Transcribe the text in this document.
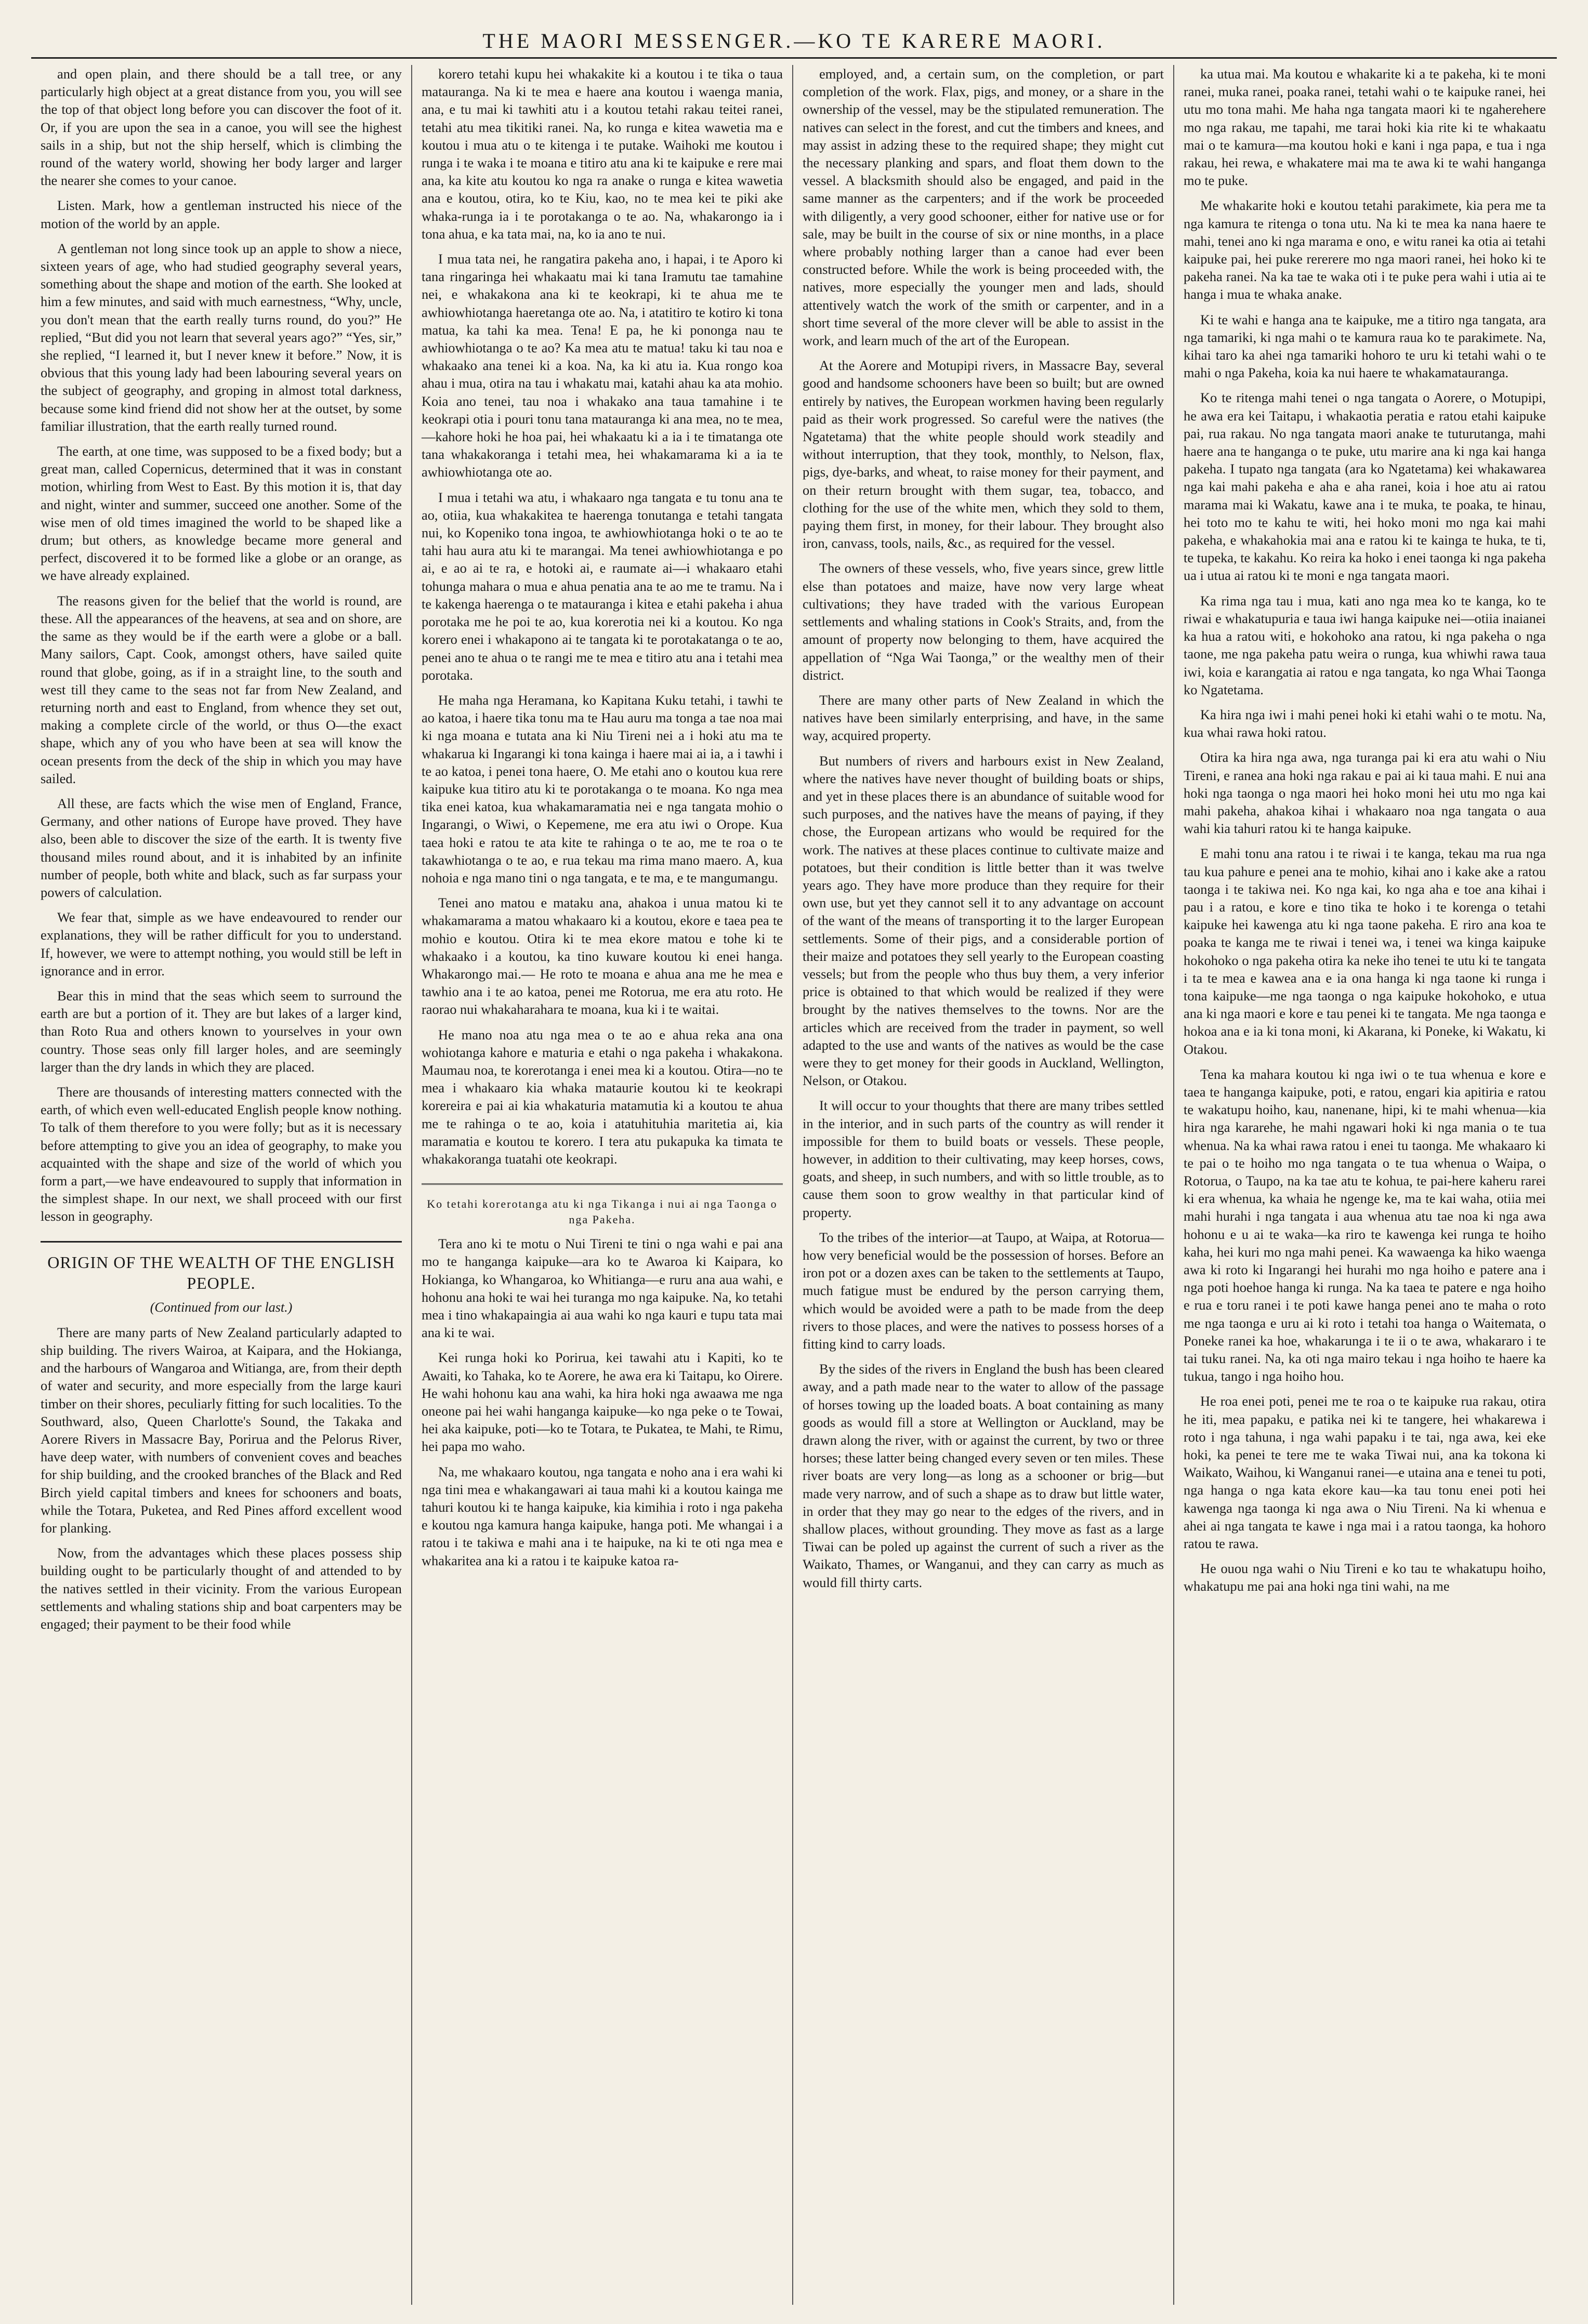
THE MAORI MESSENGER.—KO TE KARERE MAORI.

and open plain, and there should be a tall tree, or any particularly high object at a great distance from you, you will see the top of that object long before you can discover the foot of it. Or, if you are upon the sea in a canoe, you will see the highest sails in a ship, but not the ship herself, which is climbing the round of the watery world, showing her body larger and larger the nearer she comes to your canoe.

Listen. Mark, how a gentleman instructed his niece of the motion of the world by an apple.

A gentleman not long since took up an apple to show a niece, sixteen years of age, who had studied geography several years, something about the shape and motion of the earth. She looked at him a few minutes, and said with much earnestness, “Why, uncle, you don't mean that the earth really turns round, do you?” He replied, “But did you not learn that several years ago?” “Yes, sir,” she replied, “I learned it, but I never knew it before.” Now, it is obvious that this young lady had been labouring several years on the subject of geography, and groping in almost total darkness, because some kind friend did not show her at the outset, by some familiar illustration, that the earth really turned round.

The earth, at one time, was supposed to be a fixed body; but a great man, called Copernicus, determined that it was in constant motion, whirling from West to East. By this motion it is, that day and night, winter and summer, succeed one another. Some of the wise men of old times imagined the world to be shaped like a drum; but others, as knowledge became more general and perfect, discovered it to be formed like a globe or an orange, as we have already explained.

The reasons given for the belief that the world is round, are these. All the appearances of the heavens, at sea and on shore, are the same as they would be if the earth were a globe or a ball. Many sailors, Capt. Cook, amongst others, have sailed quite round that globe, going, as if in a straight line, to the south and west till they came to the seas not far from New Zealand, and returning north and east to England, from whence they set out, making a complete circle of the world, or thus O—the exact shape, which any of you who have been at sea will know the ocean presents from the deck of the ship in which you may have sailed.

All these, are facts which the wise men of England, France, Germany, and other nations of Europe have proved. They have also, been able to discover the size of the earth. It is twenty five thousand miles round about, and it is inhabited by an infinite number of people, both white and black, such as far surpass your powers of calculation.

We fear that, simple as we have endeavoured to render our explanations, they will be rather difficult for you to understand. If, however, we were to attempt nothing, you would still be left in ignorance and in error.

Bear this in mind that the seas which seem to surround the earth are but a portion of it. They are but lakes of a larger kind, than Roto Rua and others known to yourselves in your own country. Those seas only fill larger holes, and are seemingly larger than the dry lands in which they are placed.

There are thousands of interesting matters connected with the earth, of which even well-educated English people know nothing. To talk of them therefore to you were folly; but as it is necessary before attempting to give you an idea of geography, to make you acquainted with the shape and size of the world of which you form a part,—we have endeavoured to supply that information in the simplest shape. In our next, we shall proceed with our first lesson in geography.

ORIGIN OF THE WEALTH OF THE ENGLISH PEOPLE.
(Continued from our last.)

There are many parts of New Zealand particularly adapted to ship building. The rivers Wairoa, at Kaipara, and the Hokianga, and the harbours of Wangaroa and Witianga, are, from their depth of water and security, and more especially from the large kauri timber on their shores, peculiarly fitting for such localities. To the Southward, also, Queen Charlotte's Sound, the Takaka and Aorere Rivers in Massacre Bay, Porirua and the Pelorus River, have deep water, with numbers of convenient coves and beaches for ship building, and the crooked branches of the Black and Red Birch yield capital timbers and knees for schooners and boats, while the Totara, Puketea, and Red Pines afford excellent wood for planking.

Now, from the advantages which these places possess ship building ought to be particularly thought of and attended to by the natives settled in their vicinity. From the various European settlements and whaling stations ship and boat carpenters may be engaged; their payment to be their food while

korero tetahi kupu hei whakakite ki a koutou i te tika o taua matauranga. Na ki te mea e haere ana koutou i waenga mania, ana, e tu mai ki tawhiti atu i a koutou tetahi rakau teitei ranei, tetahi atu mea tikitiki ranei. Na, ko runga e kitea wawetia ma e koutou i mua atu o te kitenga i te putake. Waihoki me koutou i runga i te waka i te moana e titiro atu ana ki te kaipuke e rere mai ana, ka kite atu koutou ko nga ra anake o runga e kitea wawetia ana e koutou, otira, ko te Kiu, kao, no te mea kei te piki ake whaka-runga ia i te porotakanga o te ao. Na, whakarongo ia i tona ahua, e ka tata mai, na, ko ia ano te nui.

I mua tata nei, he rangatira pakeha ano, i hapai, i te Aporo ki tana ringaringa hei whakaatu mai ki tana Iramutu tae tamahine nei, e whakakona ana ki te keokrapi, ki te ahua me te awhiowhiotanga haeretanga ote ao. Na, i atatitiro te kotiro ki tona matua, ka tahi ka mea. Tena! E pa, he ki pononga nau te awhiowhiotanga o te ao? Ka mea atu te matua! taku ki tau noa e whakaako ana tenei ki a koa. Na, ka ki atu ia. Kua rongo koa ahau i mua, otira na tau i whakatu mai, katahi ahau ka ata mohio. Koia ano tenei, tau noa i whakako ana taua tamahine i te keokrapi otia i pouri tonu tana matauranga ki ana mea, no te mea,—kahore hoki he hoa pai, hei whakaatu ki a ia i te timatanga ote tana whakakoranga i tetahi mea, hei whakamarama ki a ia te awhiowhiotanga ote ao.

I mua i tetahi wa atu, i whakaaro nga tangata e tu tonu ana te ao, otiia, kua whakakitea te haerenga tonutanga e tetahi tangata nui, ko Kopeniko tona ingoa, te awhiowhiotanga hoki o te ao te tahi hau aura atu ki te marangai. Ma tenei awhiowhiotanga e po ai, e ao ai te ra, e hotoki ai, e raumate ai—i whakaaro etahi tohunga mahara o mua e ahua penatia ana te ao me te tramu. Na i te kakenga haerenga o te matauranga i kitea e etahi pakeha i ahua porotaka me he poi te ao, kua korerotia nei ki a koutou. Ko nga korero enei i whakapono ai te tangata ki te porotakatanga o te ao, penei ano te ahua o te rangi me te mea e titiro atu ana i tetahi mea porotaka.

He maha nga Heramana, ko Kapitana Kuku tetahi, i tawhi te ao katoa, i haere tika tonu ma te Hau auru ma tonga a tae noa mai ki nga moana e tutata ana ki Niu Tireni nei a i hoki atu ma te whakarua ki Ingarangi ki tona kainga i haere mai ai ia, a i tawhi i te ao katoa, i penei tona haere, O. Me etahi ano o koutou kua rere kaipuke kua titiro atu ki te porotakanga o te moana. Ko nga mea tika enei katoa, kua whakamaramatia nei e nga tangata mohio o Ingarangi, o Wiwi, o Kepemene, me era atu iwi o Orope. Kua taea hoki e ratou te ata kite te rahinga o te ao, me te roa o te takawhiotanga o te ao, e rua tekau ma rima mano maero. A, kua nohoia e nga mano tini o nga tangata, e te ma, e te mangumangu.

Tenei ano matou e mataku ana, ahakoa i unua matou ki te whakamarama a matou whakaaro ki a koutou, ekore e taea pea te mohio e koutou. Otira ki te mea ekore matou e tohe ki te whakaako i a koutou, ka tino kuware koutou ki enei hanga. Whakarongo mai.— He roto te moana e ahua ana me he mea e tawhio ana i te ao katoa, penei me Rotorua, me era atu roto. He raorao nui whakaharahara te moana, kua ki i te waitai.

He mano noa atu nga mea o te ao e ahua reka ana ona wohiotanga kahore e maturia e etahi o nga pakeha i whakakona. Maumau noa, te korerotanga i enei mea ki a koutou. Otira—no te mea i whakaaro kia whaka mataurie koutou ki te keokrapi korereira e pai ai kia whakaturia matamutia ki a koutou te ahua me te rahinga o te ao, koia i atatuhituhia maritetia ai, kia maramatia e koutou te korero. I tera atu pukapuka ka timata te whakakoranga tuatahi ote keokrapi.

Ko tetahi korerotanga atu ki nga Tikanga i nui ai nga Taonga o nga Pakeha.

Tera ano ki te motu o Nui Tireni te tini o nga wahi e pai ana mo te hanganga kaipuke—ara ko te Awaroa ki Kaipara, ko Hokianga, ko Whangaroa, ko Whitianga—e ruru ana aua wahi, e hohonu ana hoki te wai hei turanga mo nga kaipuke. Na, ko tetahi mea i tino whakapaingia ai aua wahi ko nga kauri e tupu tata mai ana ki te wai.

Kei runga hoki ko Porirua, kei tawahi atu i Kapiti, ko te Awaiti, ko Tahaka, ko te Aorere, he awa era ki Taitapu, ko Oirere. He wahi hohonu kau ana wahi, ka hira hoki nga awaawa me nga oneone pai hei wahi hanganga kaipuke—ko nga peke o te Towai, hei aka kaipuke, poti—ko te Totara, te Pukatea, te Mahi, te Rimu, hei papa mo waho.

Na, me whakaaro koutou, nga tangata e noho ana i era wahi ki nga tini mea e whakangawari ai taua mahi ki a koutou kainga me tahuri koutou ki te hanga kaipuke, kia kimihia i roto i nga pakeha e koutou nga kamura hanga kaipuke, hanga poti. Me whangai i a ratou i te takiwa e mahi ana i te haipuke, na ki te oti nga mea e whakaritea ana ki a ratou i te kaipuke katoa ra-

employed, and, a certain sum, on the completion, or part completion of the work. Flax, pigs, and money, or a share in the ownership of the vessel, may be the stipulated remuneration. The natives can select in the forest, and cut the timbers and knees, and may assist in adzing these to the required shape; they might cut the necessary planking and spars, and float them down to the vessel. A blacksmith should also be engaged, and paid in the same manner as the carpenters; and if the work be proceeded with diligently, a very good schooner, either for native use or for sale, may be built in the course of six or nine months, in a place where probably nothing larger than a canoe had ever been constructed before. While the work is being proceeded with, the natives, more especially the younger men and lads, should attentively watch the work of the smith or carpenter, and in a short time several of the more clever will be able to assist in the work, and learn much of the art of the European.

At the Aorere and Motupipi rivers, in Massacre Bay, several good and handsome schooners have been so built; but are owned entirely by natives, the European workmen having been regularly paid as their work progressed. So careful were the natives (the Ngatetama) that the white people should work steadily and without interruption, that they took, monthly, to Nelson, flax, pigs, dye-barks, and wheat, to raise money for their payment, and on their return brought with them sugar, tea, tobacco, and clothing for the use of the white men, which they sold to them, paying them first, in money, for their labour. They brought also iron, canvass, tools, nails, &c., as required for the vessel.

The owners of these vessels, who, five years since, grew little else than potatoes and maize, have now very large wheat cultivations; they have traded with the various European settlements and whaling stations in Cook's Straits, and, from the amount of property now belonging to them, have acquired the appellation of “Nga Wai Taonga,” or the wealthy men of their district.

There are many other parts of New Zealand in which the natives have been similarly enterprising, and have, in the same way, acquired property.

But numbers of rivers and harbours exist in New Zealand, where the natives have never thought of building boats or ships, and yet in these places there is an abundance of suitable wood for such purposes, and the natives have the means of paying, if they chose, the European artizans who would be required for the work. The natives at these places continue to cultivate maize and potatoes, but their condition is little better than it was twelve years ago. They have more produce than they require for their own use, but yet they cannot sell it to any advantage on account of the want of the means of transporting it to the larger European settlements. Some of their pigs, and a considerable portion of their maize and potatoes they sell yearly to the European coasting vessels; but from the people who thus buy them, a very inferior price is obtained to that which would be realized if they were brought by the natives themselves to the towns. Nor are the articles which are received from the trader in payment, so well adapted to the use and wants of the natives as would be the case were they to get money for their goods in Auckland, Wellington, Nelson, or Otakou.

It will occur to your thoughts that there are many tribes settled in the interior, and in such parts of the country as will render it impossible for them to build boats or vessels. These people, however, in addition to their cultivating, may keep horses, cows, goats, and sheep, in such numbers, and with so little trouble, as to cause them soon to grow wealthy in that particular kind of property.

To the tribes of the interior—at Taupo, at Waipa, at Rotorua—how very beneficial would be the possession of horses. Before an iron pot or a dozen axes can be taken to the settlements at Taupo, much fatigue must be endured by the person carrying them, which would be avoided were a path to be made from the deep rivers to those places, and were the natives to possess horses of a fitting kind to carry loads.

By the sides of the rivers in England the bush has been cleared away, and a path made near to the water to allow of the passage of horses towing up the loaded boats. A boat containing as many goods as would fill a store at Wellington or Auckland, may be drawn along the river, with or against the current, by two or three horses; these latter being changed every seven or ten miles. These river boats are very long—as long as a schooner or brig—but made very narrow, and of such a shape as to draw but little water, in order that they may go near to the edges of the rivers, and in shallow places, without grounding. They move as fast as a large Tiwai can be poled up against the current of such a river as the Waikato, Thames, or Wanganui, and they can carry as much as would fill thirty carts.

ka utua mai. Ma koutou e whakarite ki a te pakeha, ki te moni ranei, muka ranei, poaka ranei, tetahi wahi o te kaipuke ranei, hei utu mo tona mahi. Me haha nga tangata maori ki te ngaherehere mo nga rakau, me tapahi, me tarai hoki kia rite ki te whakaatu mai o te kamura—ma koutou hoki e kani i nga papa, e tua i nga rakau, hei rewa, e whakatere mai ma te awa ki te wahi hanganga mo te puke.

Me whakarite hoki e koutou tetahi parakimete, kia pera me ta nga kamura te ritenga o tona utu. Na ki te mea ka nana haere te mahi, tenei ano ki nga marama e ono, e witu ranei ka otia ai tetahi kaipuke pai, hei puke rererere mo nga maori ranei, hei hoko ki te pakeha ranei. Na ka tae te waka oti i te puke pera wahi i utia ai te hanga i mua te whaka anake.

Ki te wahi e hanga ana te kaipuke, me a titiro nga tangata, ara nga tamariki, ki nga mahi o te kamura raua ko te parakimete. Na, kihai taro ka ahei nga tamariki hohoro te uru ki tetahi wahi o te mahi o nga Pakeha, koia ka nui haere te whakamatauranga.

Ko te ritenga mahi tenei o nga tangata o Aorere, o Motupipi, he awa era kei Taitapu, i whakaotia peratia e ratou etahi kaipuke pai, rua rakau. No nga tangata maori anake te tuturutanga, mahi haere ana te hanganga o te puke, utu marire ana ki nga kai hanga pakeha. I tupato nga tangata (ara ko Ngatetama) kei whakawarea nga kai mahi pakeha e aha e aha ranei, koia i hoe atu ai ratou marama mai ki Wakatu, kawe ana i te muka, te poaka, te hinau, hei toto mo te kahu te witi, hei hoko moni mo nga kai mahi pakeha, e whakahokia mai ana e ratou ki te kainga te huka, te ti, te tupeka, te kakahu. Ko reira ka hoko i enei taonga ki nga pakeha ua i utua ai ratou ki te moni e nga tangata maori.

Ka rima nga tau i mua, kati ano nga mea ko te kanga, ko te riwai e whakatupuria e taua iwi hanga kaipuke nei—otiia inaianei ka hua a ratou witi, e hokohoko ana ratou, ki nga pakeha o nga taone, me nga pakeha patu weira o runga, kua whiwhi rawa taua iwi, koia e karangatia ai ratou e nga tangata, ko nga Whai Taonga ko Ngatetama.

Ka hira nga iwi i mahi penei hoki ki etahi wahi o te motu. Na, kua whai rawa hoki ratou.

Otira ka hira nga awa, nga turanga pai ki era atu wahi o Niu Tireni, e ranea ana hoki nga rakau e pai ai ki taua mahi. E nui ana hoki nga taonga o nga maori hei hoko moni hei utu mo nga kai mahi pakeha, ahakoa kihai i whakaaro noa nga tangata o aua wahi kia tahuri ratou ki te hanga kaipuke.

E mahi tonu ana ratou i te riwai i te kanga, tekau ma rua nga tau kua pahure e penei ana te mohio, kihai ano i kake ake a ratou taonga i te takiwa nei. Ko nga kai, ko nga aha e toe ana kihai i pau i a ratou, e kore e tino tika te hoko i te korenga o tetahi kaipuke hei kawenga atu ki nga taone pakeha. E riro ana koa te poaka te kanga me te riwai i tenei wa, i tenei wa kinga kaipuke hokohoko o nga pakeha otira ka neke iho tenei te utu ki te tangata i ta te mea e kawea ana e ia ona hanga ki nga taone ki runga i tona kaipuke—me nga taonga o nga kaipuke hokohoko, e utua ana ki nga maori e kore e tau penei ki te tangata. Me nga taonga e hokoa ana e ia ki tona moni, ki Akarana, ki Poneke, ki Wakatu, ki Otakou.

Tena ka mahara koutou ki nga iwi o te tua whenua e kore e taea te hanganga kaipuke, poti, e ratou, engari kia apitiria e ratou te wakatupu hoiho, kau, nanenane, hipi, ki te mahi whenua—kia hira nga kararehe, he mahi ngawari hoki ki nga mania o te tua whenua. Na ka whai rawa ratou i enei tu taonga. Me whakaaro ki te pai o te hoiho mo nga tangata o te tua whenua o Waipa, o Rotorua, o Taupo, na ka tae atu te kohua, te pai-here kaheru rarei ki era whenua, ka whaia he ngenge ke, ma te kai waha, otiia mei mahi hurahi i nga tangata i aua whenua atu tae noa ki nga awa hohonu e u ai te waka—ka riro te kawenga kei runga te hoiho kaha, hei kuri mo nga mahi penei. Ka wawaenga ka hiko waenga awa ki roto ki Ingarangi hei hurahi mo nga hoiho e patere ana i nga poti hoehoe hanga ki runga. Na ka taea te patere e nga hoiho e rua e toru ranei i te poti kawe hanga penei ano te maha o roto me nga taonga e uru ai ki roto i tetahi toa hanga o Waitemata, o Poneke ranei ka hoe, whakarunga i te ii o te awa, whakararo i te tai tuku ranei. Na, ka oti nga mairo tekau i nga hoiho te haere ka tukua, tango i nga hoiho hou.

He roa enei poti, penei me te roa o te kaipuke rua rakau, otira he iti, mea papaku, e patika nei ki te tangere, hei whakarewa i roto i nga tahuna, i nga wahi papaku i te tai, nga awa, kei eke hoki, ka penei te tere me te waka Tiwai nui, ana ka tokona ki Waikato, Waihou, ki Wanganui ranei—e utaina ana e tenei tu poti, nga hanga o nga kata ekore kau—ka tau tonu enei poti hei kawenga nga taonga ki nga awa o Niu Tireni. Na ki whenua e ahei ai nga tangata te kawe i nga mai i a ratou taonga, ka hohoro ratou te rawa.

He ouou nga wahi o Niu Tireni e ko tau te whakatupu hoiho, whakatupu me pai ana hoki nga tini wahi, na me
